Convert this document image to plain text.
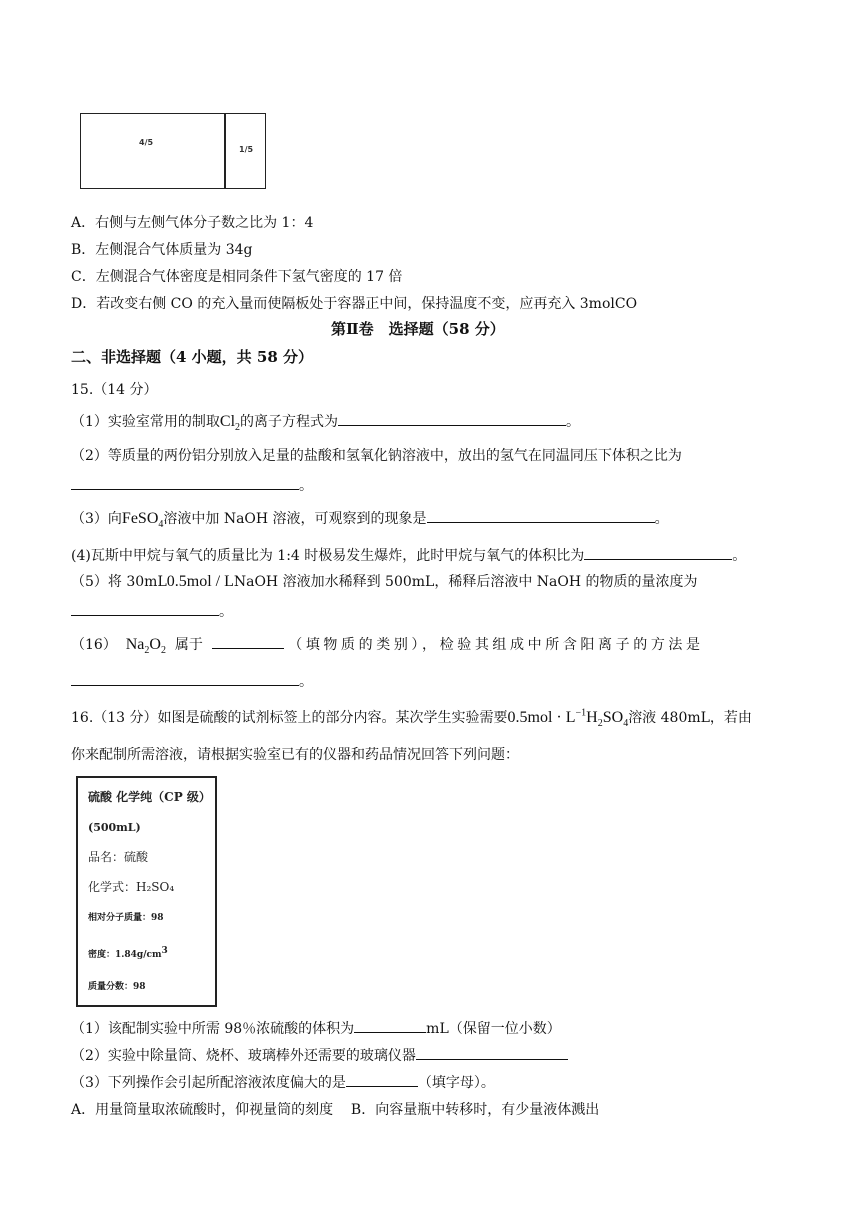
4/5
1/5
A．右侧与左侧气体分子数之比为 1：4
B．左侧混合气体质量为 34g
C．左侧混合气体密度是相同条件下氢气密度的 17 倍
D．若改变右侧 CO 的充入量而使隔板处于容器正中间，保持温度不变，应再充入 3molCO
第Ⅱ卷　选择题（58 分）
二、非选择题（4 小题，共 58 分）
15.（14 分）
（1）实验室常用的制取$Cl_2$的离子方程式为	。
（2）等质量的两份铝分别放入足量的盐酸和氢氧化钠溶液中，放出的氢气在同温同压下体积之比为
。
（3）向FeSO$_4$溶液中加 NaOH 溶液，可观察到的现象是	。
(4)瓦斯中甲烷与氧气的质量比为 1:4 时极易发生爆炸，此时甲烷与氧气的体积比为	。
（5）将 30mL0.5mol / LNaOH 溶液加水稀释到 500mL，稀释后溶液中 NaOH 的物质的量浓度为
。
（16） $Na_2O_2$ 属于	（填物质的类别），检验其组成中所含阳离子的方法是
。
16.（13 分）如图是硫酸的试剂标签上的部分内容。某次学生实验需要$0.5mol \cdot L^{-1}H_2SO_4$溶液 480mL，若由
你来配制所需溶液，请根据实验室已有的仪器和药品情况回答下列问题：
硫酸 化学纯（CP 级）
(500mL)
品名：硫酸
化学式：H₂SO₄
相对分子质量：98
密度：$1.84g/cm^3$
质量分数：98
（1）该配制实验中所需 98％浓硫酸的体积为	mL（保留一位小数）
（2）实验中除量筒、烧杯、玻璃棒外还需要的玻璃仪器
（3）下列操作会引起所配溶液浓度偏大的是	（填字母）。
A．用量筒量取浓硫酸时，仰视量筒的刻度 B．向容量瓶中转移时，有少量液体溅出
